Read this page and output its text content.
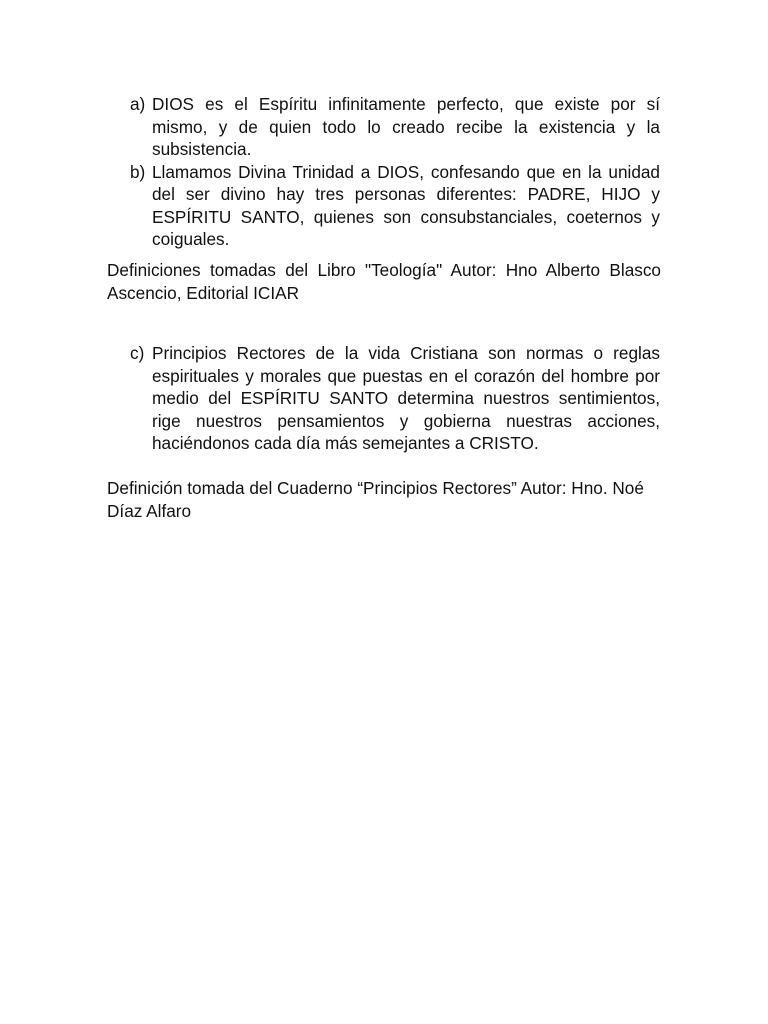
a) DIOS es el Espíritu infinitamente perfecto, que existe por sí mismo, y de quien todo lo creado recibe la existencia y la subsistencia.
b) Llamamos Divina Trinidad a DIOS, confesando que en la unidad del ser divino hay tres personas diferentes: PADRE, HIJO y ESPÍRITU SANTO, quienes son consubstanciales, coeternos y coiguales.

Definiciones tomadas del Libro "Teología" Autor: Hno Alberto Blasco Ascencio, Editorial ICIAR

c) Principios Rectores de la vida Cristiana son normas o reglas espirituales y morales que puestas en el corazón del hombre por medio del ESPÍRITU SANTO determina nuestros sentimientos, rige nuestros pensamientos y gobierna nuestras acciones, haciéndonos cada día más semejantes a CRISTO.

Definición tomada del Cuaderno “Principios Rectores” Autor: Hno. Noé Díaz Alfaro
